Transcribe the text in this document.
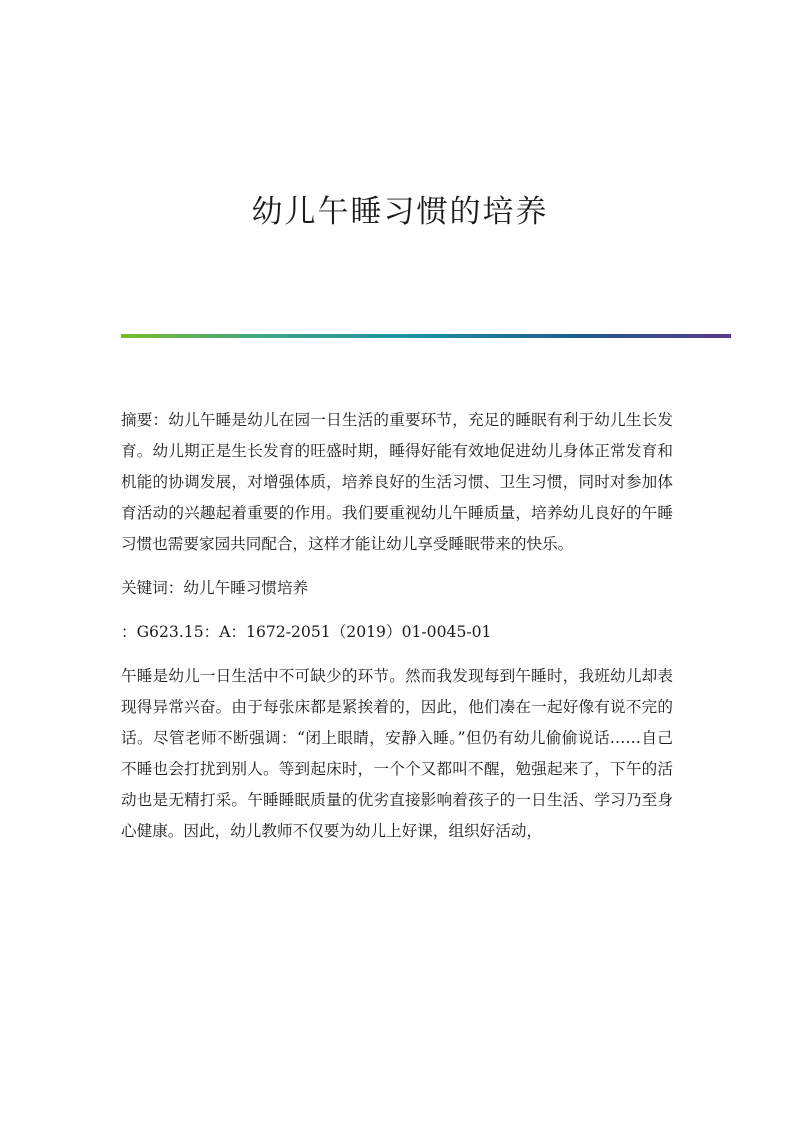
幼儿午睡习惯的培养

摘要：幼儿午睡是幼儿在园一日生活的重要环节，充足的睡眠有利于幼儿生长发育。幼儿期正是生长发育的旺盛时期，睡得好能有效地促进幼儿身体正常发育和机能的协调发展，对增强体质，培养良好的生活习惯、卫生习惯，同时对参加体育活动的兴趣起着重要的作用。我们要重视幼儿午睡质量，培养幼儿良好的午睡习惯也需要家园共同配合，这样才能让幼儿享受睡眠带来的快乐。

关键词：幼儿午睡习惯培养

：G623.15：A：1672-2051（2019）01-0045-01

午睡是幼儿一日生活中不可缺少的环节。然而我发现每到午睡时，我班幼儿却表现得异常兴奋。由于每张床都是紧挨着的，因此，他们凑在一起好像有说不完的话。尽管老师不断强调：“闭上眼睛，安静入睡。”但仍有幼儿偷偷说话……自己不睡也会打扰到别人。等到起床时，一个个又都叫不醒，勉强起来了，下午的活动也是无精打采。午睡睡眠质量的优劣直接影响着孩子的一日生活、学习乃至身心健康。因此，幼儿教师不仅要为幼儿上好课，组织好活动，
